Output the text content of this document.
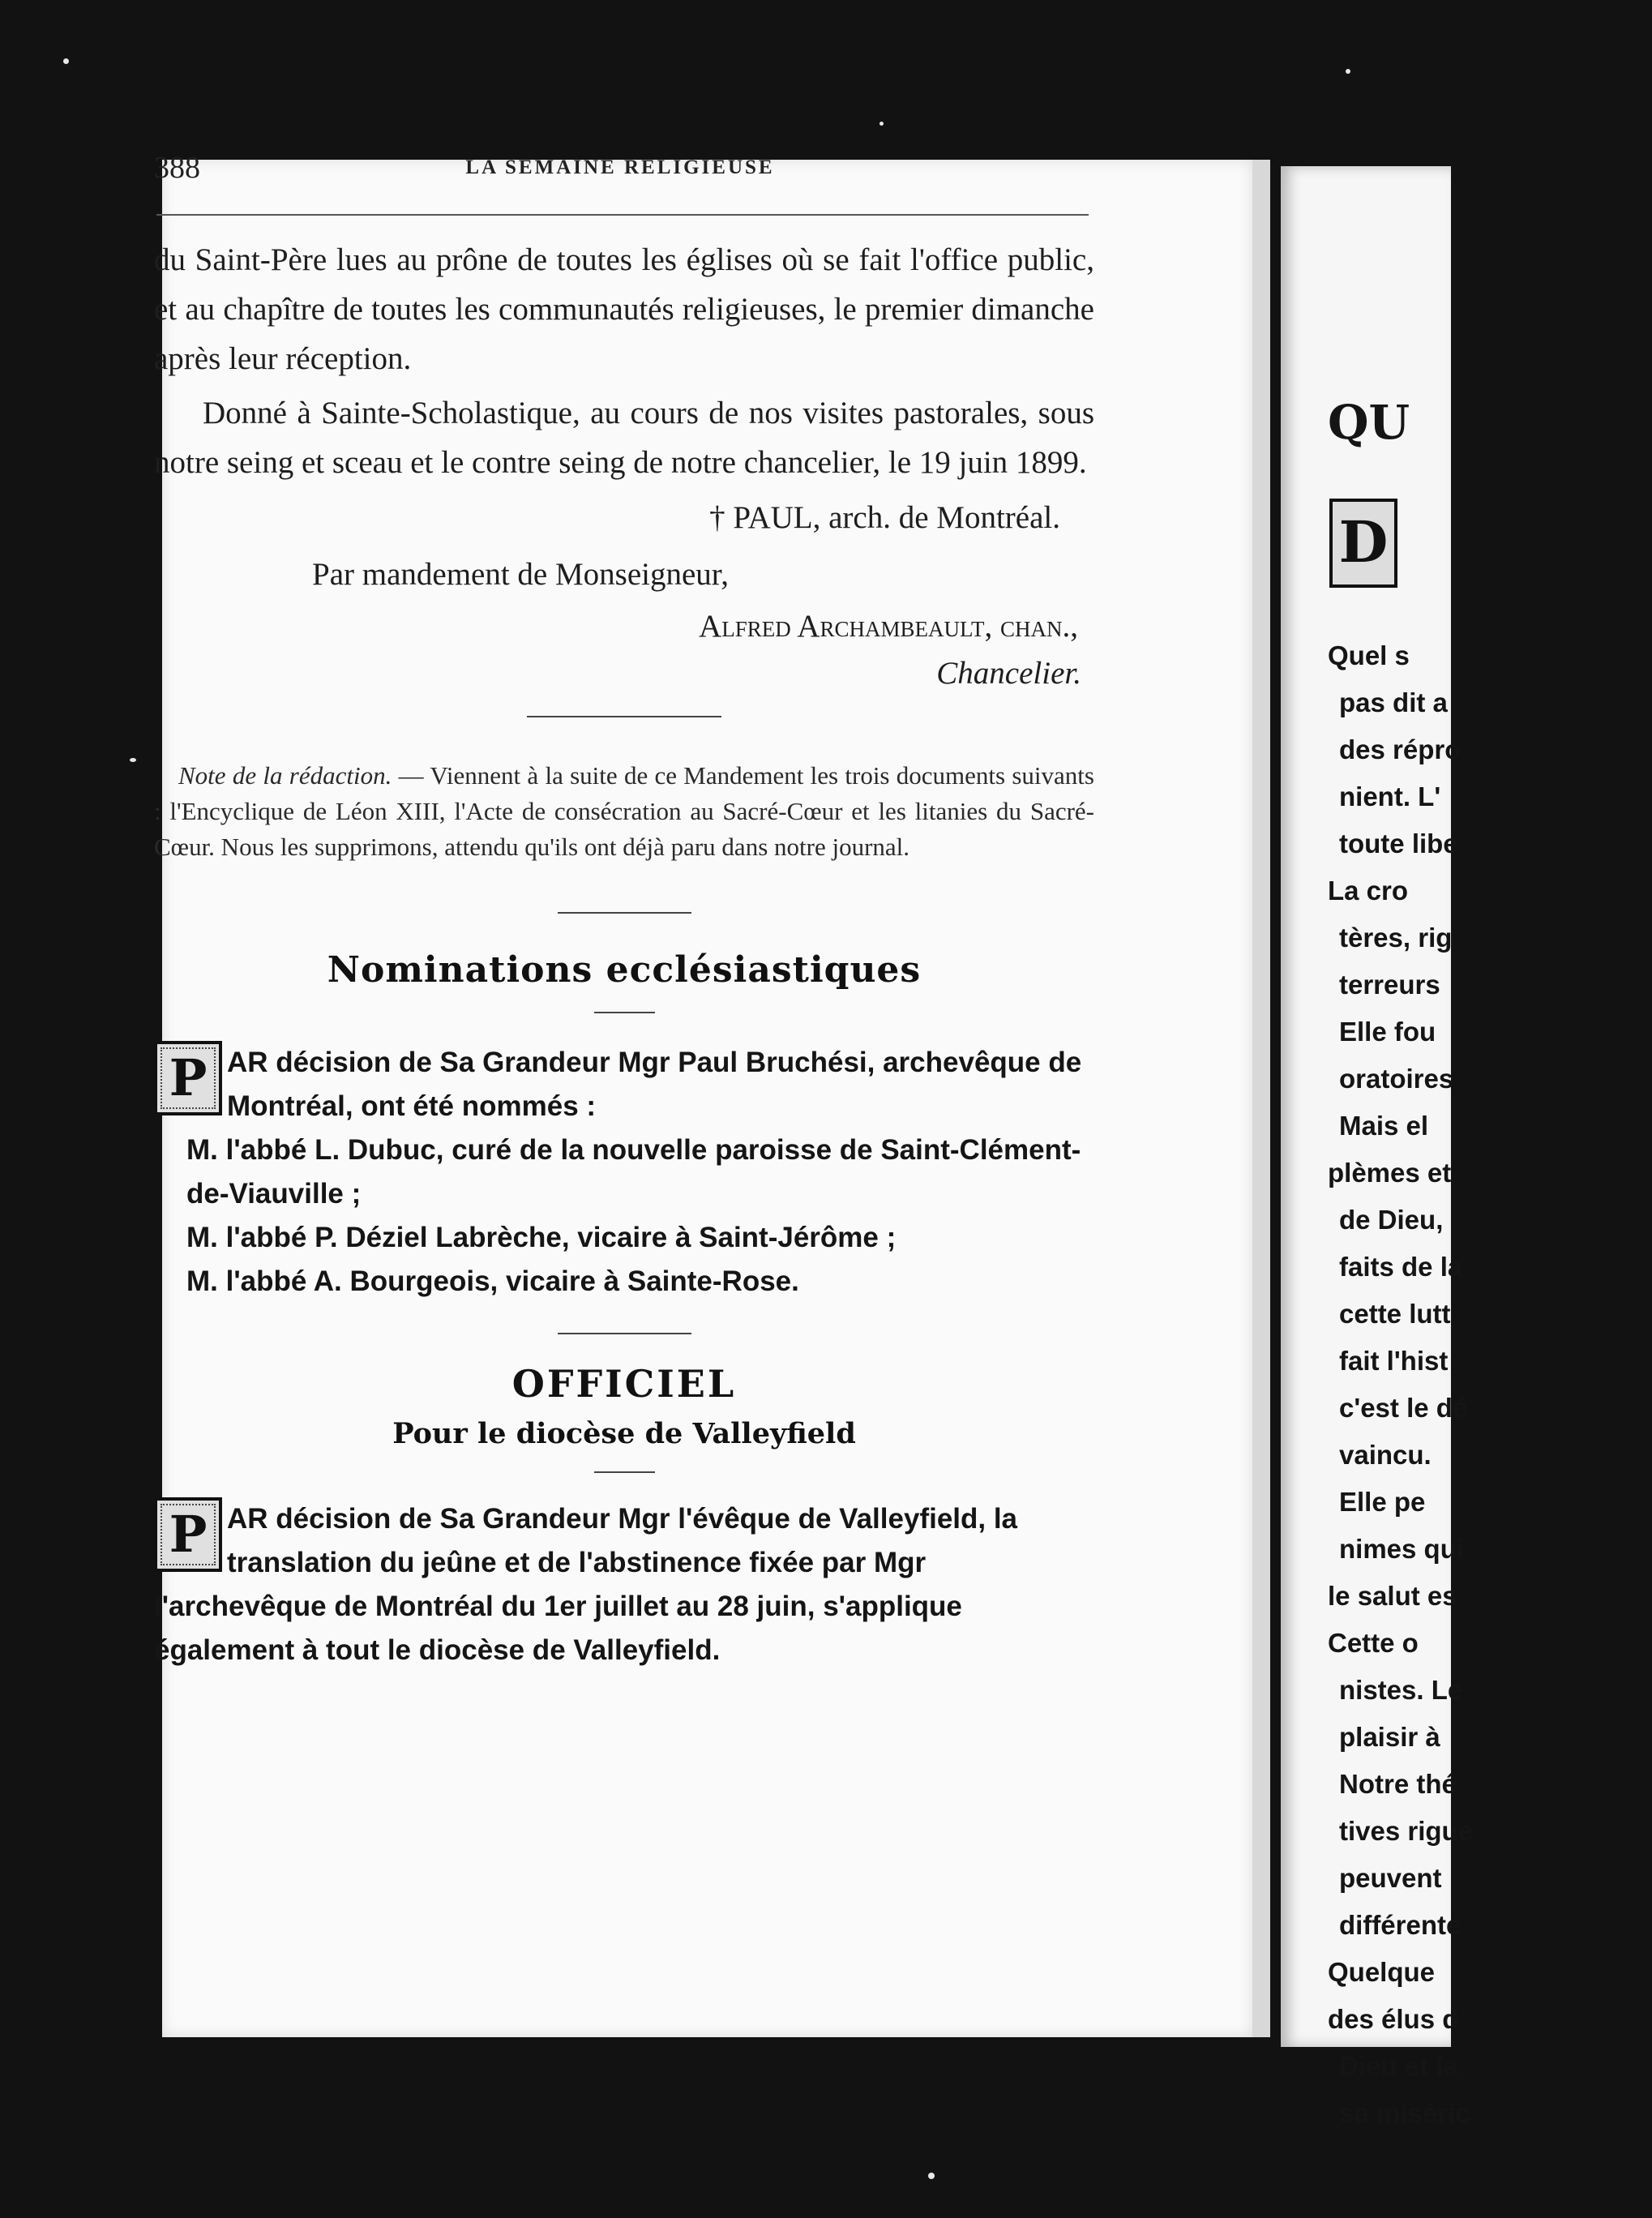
388	LA SEMAINE RELIGIEUSE

du Saint-Père lues au prône de toutes les églises où se fait l'office public, et au chapître de toutes les communautés religieuses, le premier dimanche après leur réception.

Donné à Sainte-Scholastique, au cours de nos visites pastorales, sous notre seing et sceau et le contre seing de notre chancelier, le 19 juin 1899.

† PAUL, arch. de Montréal.

Par mandement de Monseigneur,

Alfred Archambeault, chan.,

Chancelier.

Note de la rédaction. — Viennent à la suite de ce Mandement les trois documents suivants : l'Encyclique de Léon XIII, l'Acte de consécration au Sacré-Cœur et les litanies du Sacré-Cœur. Nous les supprimons, attendu qu'ils ont déjà paru dans notre journal.

Nominations ecclésiastiques

P AR décision de Sa Grandeur Mgr Paul Bruchési, archevêque de Montréal, ont été nommés :

M. l'abbé L. Dubuc, curé de la nouvelle paroisse de Saint-Clément-de-Viauville ;

M. l'abbé P. Déziel Labrèche, vicaire à Saint-Jérôme ;

M. l'abbé A. Bourgeois, vicaire à Sainte-Rose.

OFFICIEL

Pour le diocèse de Valleyfield

P AR décision de Sa Grandeur Mgr l'évêque de Valleyfield, la translation du jeûne et de l'abstinence fixée par Mgr l'archevêque de Montréal du 1er juillet au 28 juin, s'applique également à tout le diocèse de Valleyfield.

QU
D
Quel s
pas dit a
des répro
nient. L'
toute libe
La cro
tères, rig
terreurs
Elle fou
oratoires
Mais el
plèmes et
de Dieu,
faits de la
cette lutt
fait l'hist
c'est le dé
vaincu.
Elle pe
nimes qui
le salut es
Cette o
nistes. Le
plaisir à
Notre thé
tives rigue
peuvent
différente
Quelque
des élus d
Dieu et la
sa miséric
